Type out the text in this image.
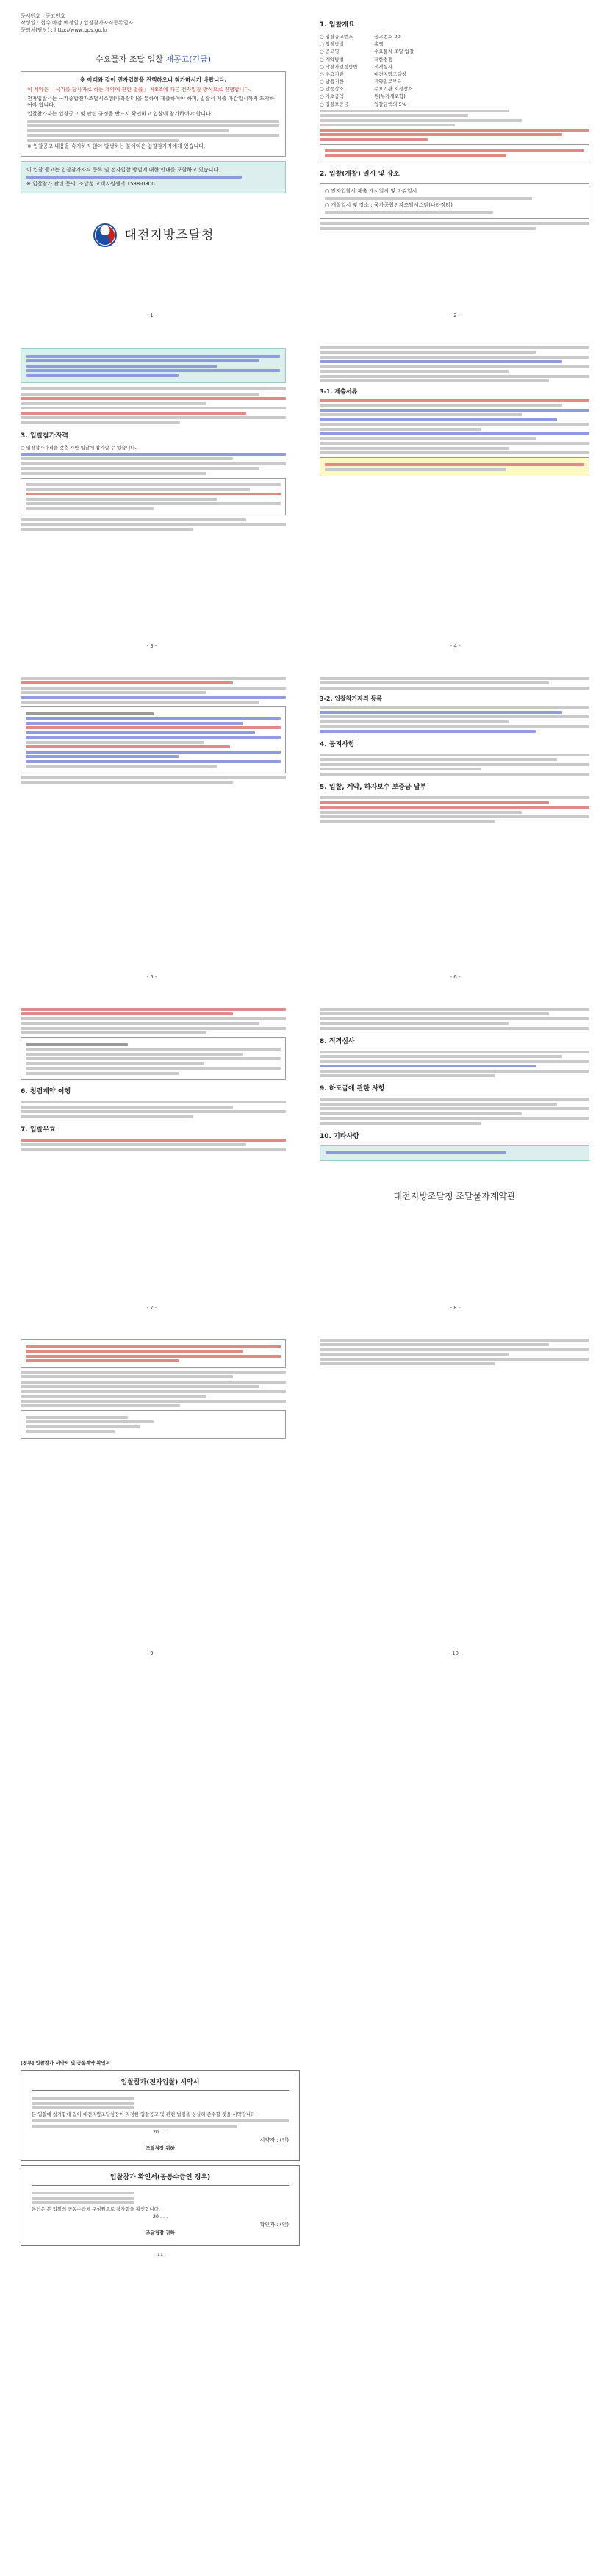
문서번호 : 공고번호
작성일 : 접수 마감 예정일 / 입찰참가자격등록일자
문의처(담당) : http://www.pps.go.kr
수요물자 조달 입찰 재공고(긴급)
※ 아래와 같이 전자입찰을 진행하오니 참가하시기 바랍니다.
이 계약은 「국가를 당사자로 하는 계약에 관한 법률」 제8조에 따른 전자입찰 방식으로 진행합니다.
전자입찰서는 국가종합전자조달시스템(나라장터)을 통하여 제출하여야 하며, 입찰서 제출 마감일시까지 도착하여야 합니다.
입찰참가자는 입찰공고 및 관련 규정을 반드시 확인하고 입찰에 참가하여야 합니다.
※ 입찰공고 내용을 숙지하지 않아 발생하는 불이익은 입찰참가자에게 있습니다.
이 입찰 공고는 입찰참가자격 등록 및 전자입찰 방법에 대한 안내를 포함하고 있습니다.
※ 입찰참가 관련 문의: 조달청 고객지원센터 1588-0800
대전지방조달청
- 1 -
1. 입찰개요
○ 입찰공고번호	공고번호-00
○ 입찰방법	총액
○ 공고명	수요물자 조달 입찰
○ 계약방법	제한경쟁
○ 낙찰자결정방법	적격심사
○ 수요기관	대전지방조달청
○ 납품기한	계약일로부터
○ 납품장소	수요기관 지정장소
○ 기초금액	원(부가세포함)
○ 입찰보증금	입찰금액의 5%
2. 입찰(개찰) 일시 및 장소
○ 전자입찰서 제출 개시일시 및 마감일시
○ 개찰일시 및 장소 : 국가종합전자조달시스템(나라장터)
- 2 -
3. 입찰참가자격
○ 입찰참가자격을 갖춘 자만 입찰에 참가할 수 있습니다.
- 3 -
3-1. 제출서류
- 4 -
- 5 -
3-2. 입찰참가자격 등록
4. 공지사항
5. 입찰, 계약, 하자보수 보증금 납부
- 6 -
6. 청렴계약 이행
7. 입찰무효
- 7 -
8. 적격심사
9. 하도급에 관한 사항
10. 기타사항
대전지방조달청 조달물자계약관
- 8 -
- 9 -	- 10 -
[첨부] 입찰참가 서약서 및 공동계약 확인서
입찰참가(전자입찰) 서약서
본 입찰에 참가함에 있어 대전지방조달청장이 지정한 입찰공고 및 관련 법령을 성실히 준수할 것을 서약합니다.
20 . . .
서약자 : (인)
조달청장 귀하
입찰참가 확인서(공동수급인 경우)
본인은 본 입찰의 공동수급체 구성원으로 참가함을 확인합니다.
20 . . .
확인자 : (인)
조달청장 귀하
- 11 -
